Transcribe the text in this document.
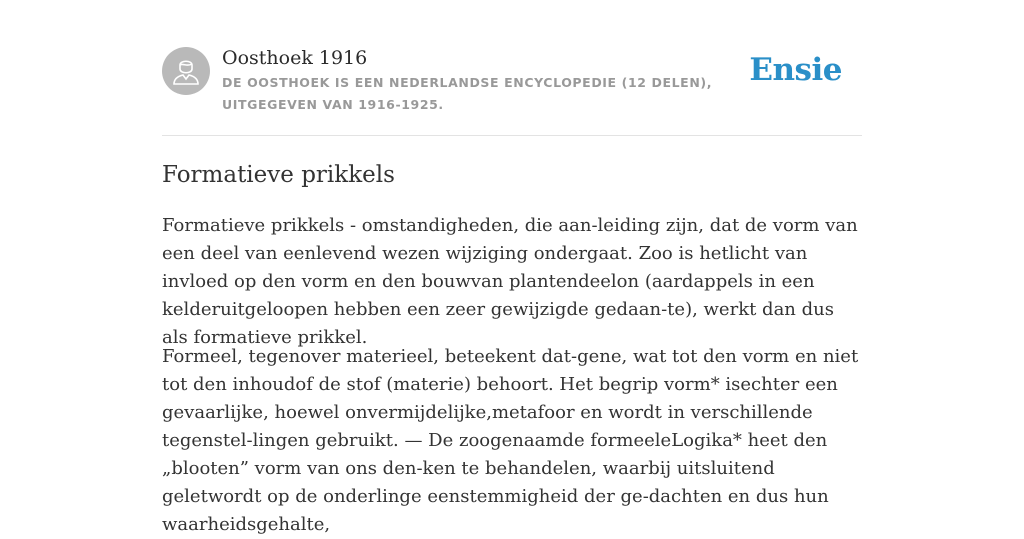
Oosthoek 1916
DE OOSTHOEK IS EEN NEDERLANDSE ENCYCLOPEDIE (12 DELEN), UITGEGEVEN VAN 1916-1925.
Ensie
Formatieve prikkels

Formatieve prikkels - omstandigheden, die aan-leiding zijn, dat de vorm van een deel van eenlevend wezen wijziging ondergaat. Zoo is hetlicht van invloed op den vorm en den bouwvan plantendeelon (aardappels in een kelderuitgeloopen hebben een zeer gewijzigde gedaan-te), werkt dan dus als formatieve prikkel.

Formeel, tegenover materieel, beteekent dat-gene, wat tot den vorm en niet tot den inhoudof de stof (materie) behoort. Het begrip vorm* isechter een gevaarlijke, hoewel onvermijdelijke,metafoor en wordt in verschillende tegenstel-lingen gebruikt. — De zoogenaamde formeeleLogika* heet den „blooten” vorm van ons den-ken te behandelen, waarbij uitsluitend geletwordt op de onderlinge eenstemmigheid der ge-dachten en dus hun waarheidsgehalte,
